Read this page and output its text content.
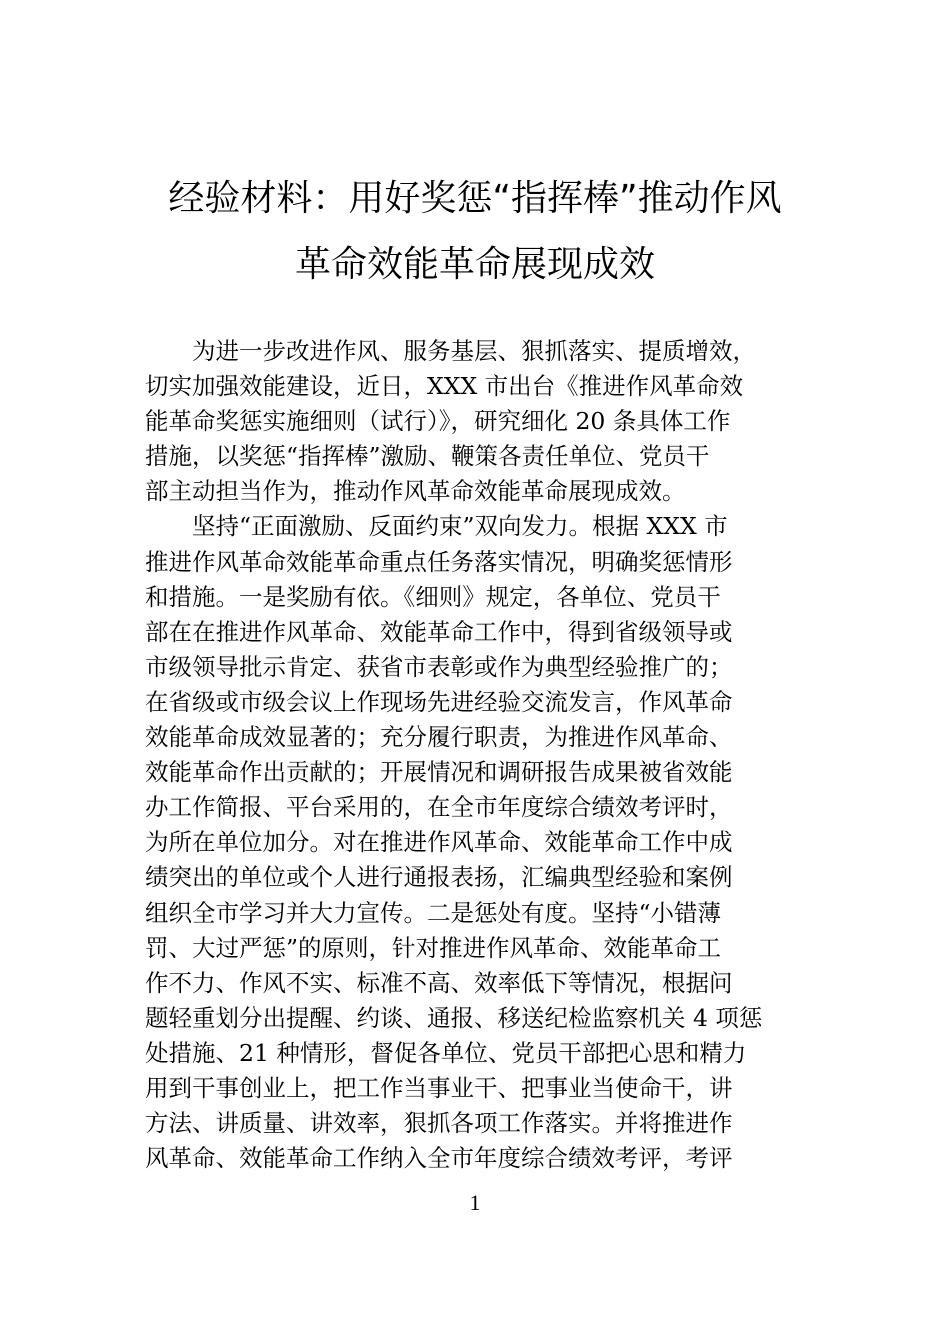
经验材料：用好奖惩“指挥棒”推动作风
革命效能革命展现成效

　　为进一步改进作风、服务基层、狠抓落实、提质增效，
切实加强效能建设，近日，XXX 市出台《推进作风革命效
能革命奖惩实施细则（试行）》，研究细化 20 条具体工作
措施，以奖惩“指挥棒”激励、鞭策各责任单位、党员干
部主动担当作为，推动作风革命效能革命展现成效。

　　坚持“正面激励、反面约束”双向发力。根据 XXX 市
推进作风革命效能革命重点任务落实情况，明确奖惩情形
和措施。一是奖励有依。《细则》规定，各单位、党员干
部在在推进作风革命、效能革命工作中，得到省级领导或
市级领导批示肯定、获省市表彰或作为典型经验推广的；
在省级或市级会议上作现场先进经验交流发言，作风革命
效能革命成效显著的；充分履行职责，为推进作风革命、
效能革命作出贡献的；开展情况和调研报告成果被省效能
办工作简报、平台采用的，在全市年度综合绩效考评时，
为所在单位加分。对在推进作风革命、效能革命工作中成
绩突出的单位或个人进行通报表扬，汇编典型经验和案例
组织全市学习并大力宣传。二是惩处有度。坚持“小错薄
罚、大过严惩”的原则，针对推进作风革命、效能革命工
作不力、作风不实、标准不高、效率低下等情况，根据问
题轻重划分出提醒、约谈、通报、移送纪检监察机关 4 项惩
处措施、21 种情形，督促各单位、党员干部把心思和精力
用到干事创业上，把工作当事业干、把事业当使命干，讲
方法、讲质量、讲效率，狠抓各项工作落实。并将推进作
风革命、效能革命工作纳入全市年度综合绩效考评，考评

1
